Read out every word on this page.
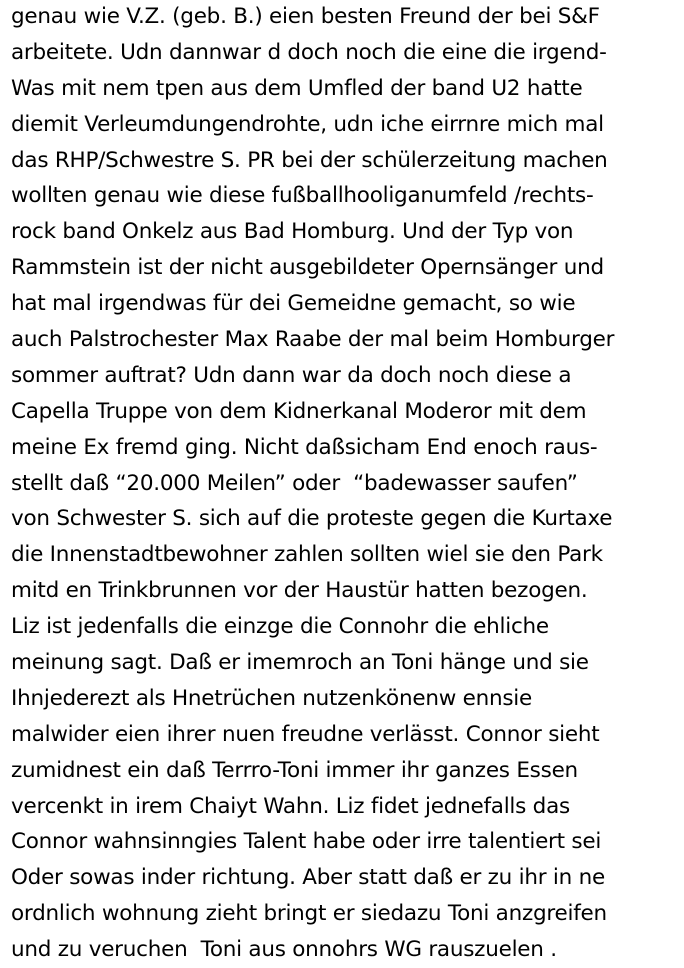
genau wie V.Z. (geb. B.) eien besten Freund der bei S&F
arbeitete. Udn dannwar d doch noch die eine die irgend-
Was mit nem tpen aus dem Umfled der band U2 hatte
diemit Verleumdungendrohte, udn iche eirrnre mich mal
das RHP/Schwestre S. PR bei der schülerzeitung machen
wollten genau wie diese fußballhooliganumfeld /rechts-
rock band Onkelz aus Bad Homburg. Und der Typ von
Rammstein ist der nicht ausgebildeter Opernsänger und
hat mal irgendwas für dei Gemeidne gemacht, so wie
auch Palstrochester Max Raabe der mal beim Homburger
sommer auftrat? Udn dann war da doch noch diese a
Capella Truppe von dem Kidnerkanal Moderor mit dem
meine Ex fremd ging. Nicht daßsicham End enoch raus-
stellt daß “20.000 Meilen” oder  “badewasser saufen”
von Schwester S. sich auf die proteste gegen die Kurtaxe
die Innenstadtbewohner zahlen sollten wiel sie den Park
mitd en Trinkbrunnen vor der Haustür hatten bezogen.
Liz ist jedenfalls die einzge die Connohr die ehliche
meinung sagt. Daß er imemroch an Toni hänge und sie
Ihnjederezt als Hnetrüchen nutzenkönenw ennsie
malwider eien ihrer nuen freudne verlässt. Connor sieht
zumidnest ein daß Terrro-Toni immer ihr ganzes Essen
vercenkt in irem Chaiyt Wahn. Liz fidet jednefalls das
Connor wahnsinngies Talent habe oder irre talentiert sei
Oder sowas inder richtung. Aber statt daß er zu ihr in ne
ordnlich wohnung zieht bringt er siedazu Toni anzgreifen
und zu veruchen  Toni aus onnohrs WG rauszuelen .
